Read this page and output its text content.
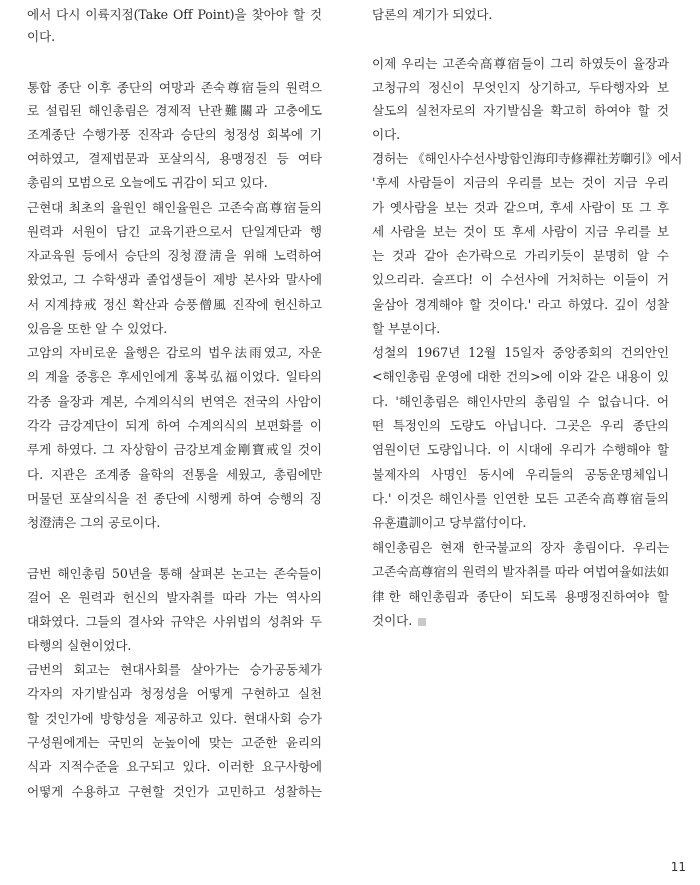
에서 다시 이륙지점(Take Off Point)을 찾아야 할 것
이다.
통합 종단 이후 종단의 여망과 존숙尊宿들의 원력으
로 설립된 해인총림은 경제적 난관難關과 고충에도
조계종단 수행가풍 진작과 승단의 청정성 회복에 기
여하였고, 결제법문과 포살의식, 용맹정진 등 여타
총림의 모범으로 오늘에도 귀감이 되고 있다.
근현대 최초의 율원인 해인율원은 고존숙高尊宿들의
원력과 서원이 담긴 교육기관으로서 단일계단과 행
자교육원 등에서 승단의 징청澄淸을 위해 노력하여
왔었고, 그 수학생과 졸업생들이 제방 본사와 말사에
서 지계持戒 정신 확산과 승풍僧風 진작에 헌신하고
있음을 또한 알 수 있었다.
고암의 자비로운 율행은 감로의 법우法雨였고, 자운
의 계율 중흥은 후세인에게 홍복弘福이었다. 일타의
각종 율장과 계본, 수계의식의 번역은 전국의 사암이
각각 금강계단이 되게 하여 수계의식의 보편화를 이
루게 하였다. 그 자상함이 금강보계金剛寶戒일 것이
다. 지관은 조계종 율학의 전통을 세웠고, 총림에만
머물던 포살의식을 전 종단에 시행케 하여 승행의 징
청澄淸은 그의 공로이다.
금번 해인총림 50년을 통해 살펴본 논고는 존숙들이
걸어 온 원력과 헌신의 발자취를 따라 가는 역사의
대화였다. 그들의 결사와 규약은 사위법의 성취와 두
타행의 실현이었다.
금번의 회고는 현대사회를 살아가는 승가공동체가
각자의 자기발심과 청정성을 어떻게 구현하고 실천
할 것인가에 방향성을 제공하고 있다. 현대사회 승가
구성원에게는 국민의 눈높이에 맞는 고준한 윤리의
식과 지적수준을 요구되고 있다. 이러한 요구사항에
어떻게 수용하고 구현할 것인가 고민하고 성찰하는
담론의 계기가 되었다.
이제 우리는 고존숙高尊宿들이 그리 하였듯이 율장과
고청규의 정신이 무엇인지 상기하고, 두타행자와 보
살도의 실천자로의 자기발심을 확고히 하여야 할 것
이다.
경허는 《해인사수선사방함인海印寺修禪社芳啣引》에서
'후세 사람들이 지금의 우리를 보는 것이 지금 우리
가 옛사람을 보는 것과 같으며, 후세 사람이 또 그 후
세 사람을 보는 것이 또 후세 사람이 지금 우리를 보
는 것과 같아 손가락으로 가리키듯이 분명히 알 수
있으리라. 슬프다! 이 수선사에 거처하는 이들이 거
울삼아 경계해야 할 것이다.' 라고 하였다. 깊이 성찰
할 부분이다.
성철의 1967년 12월 15일자 중앙종회의 건의안인
<해인총림 운영에 대한 건의>에 이와 같은 내용이 있
다. '해인총림은 해인사만의 총림일 수 없습니다. 어
떤 특정인의 도량도 아닙니다. 그곳은 우리 종단의
염원이던 도량입니다. 이 시대에 우리가 수행해야 할
불제자의 사명인 동시에 우리들의 공동운명체입니
다.' 이것은 해인사를 인연한 모든 고존숙高尊宿들의
유훈遺訓이고 당부當付이다.
해인총림은 현재 한국불교의 장자 총림이다. 우리는
고존숙高尊宿의 원력의 발자취를 따라 여법여율如法如
律한 해인총림과 종단이 되도록 용맹정진하여야 할
것이다.
11
